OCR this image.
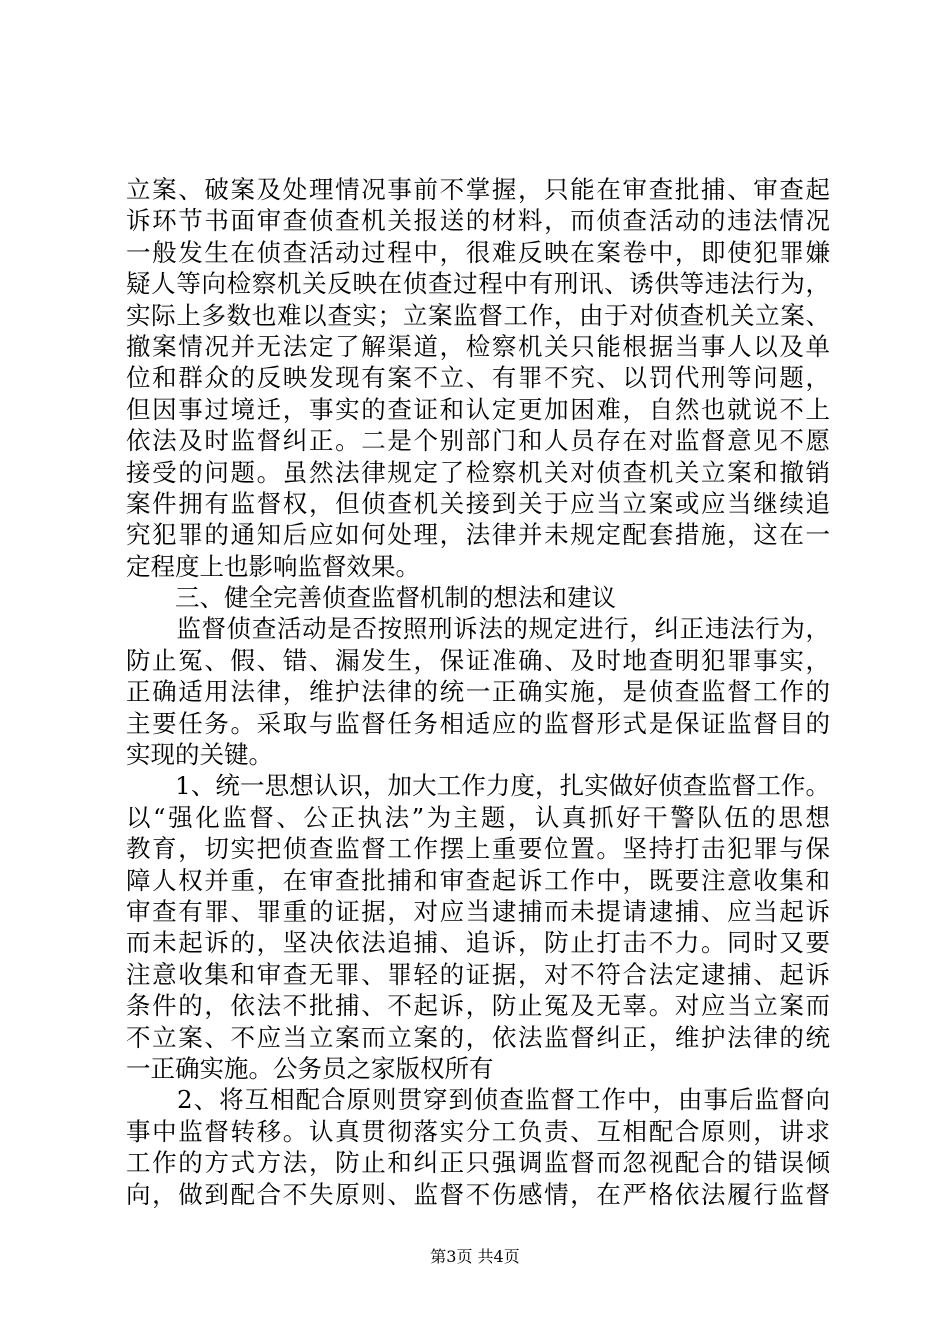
立案、破案及处理情况事前不掌握，只能在审查批捕、审查起
诉环节书面审查侦查机关报送的材料，而侦查活动的违法情况
一般发生在侦查活动过程中，很难反映在案卷中，即使犯罪嫌
疑人等向检察机关反映在侦查过程中有刑讯、诱供等违法行为，
实际上多数也难以查实；立案监督工作，由于对侦查机关立案、
撤案情况并无法定了解渠道，检察机关只能根据当事人以及单
位和群众的反映发现有案不立、有罪不究、以罚代刑等问题，
但因事过境迁，事实的查证和认定更加困难，自然也就说不上
依法及时监督纠正。二是个别部门和人员存在对监督意见不愿
接受的问题。虽然法律规定了检察机关对侦查机关立案和撤销
案件拥有监督权，但侦查机关接到关于应当立案或应当继续追
究犯罪的通知后应如何处理，法律并未规定配套措施，这在一
定程度上也影响监督效果。
　　三、健全完善侦查监督机制的想法和建议
　　监督侦查活动是否按照刑诉法的规定进行，纠正违法行为，
防止冤、假、错、漏发生，保证准确、及时地查明犯罪事实，
正确适用法律，维护法律的统一正确实施，是侦查监督工作的
主要任务。采取与监督任务相适应的监督形式是保证监督目的
实现的关键。
　　1、统一思想认识，加大工作力度，扎实做好侦查监督工作。
以“强化监督、公正执法”为主题，认真抓好干警队伍的思想
教育，切实把侦查监督工作摆上重要位置。坚持打击犯罪与保
障人权并重，在审查批捕和审查起诉工作中，既要注意收集和
审查有罪、罪重的证据，对应当逮捕而未提请逮捕、应当起诉
而未起诉的，坚决依法追捕、追诉，防止打击不力。同时又要
注意收集和审查无罪、罪轻的证据，对不符合法定逮捕、起诉
条件的，依法不批捕、不起诉，防止冤及无辜。对应当立案而
不立案、不应当立案而立案的，依法监督纠正，维护法律的统
一正确实施。公务员之家版权所有
　　2、将互相配合原则贯穿到侦查监督工作中，由事后监督向
事中监督转移。认真贯彻落实分工负责、互相配合原则，讲求
工作的方式方法，防止和纠正只强调监督而忽视配合的错误倾
向，做到配合不失原则、监督不伤感情，在严格依法履行监督
第3页 共4页
